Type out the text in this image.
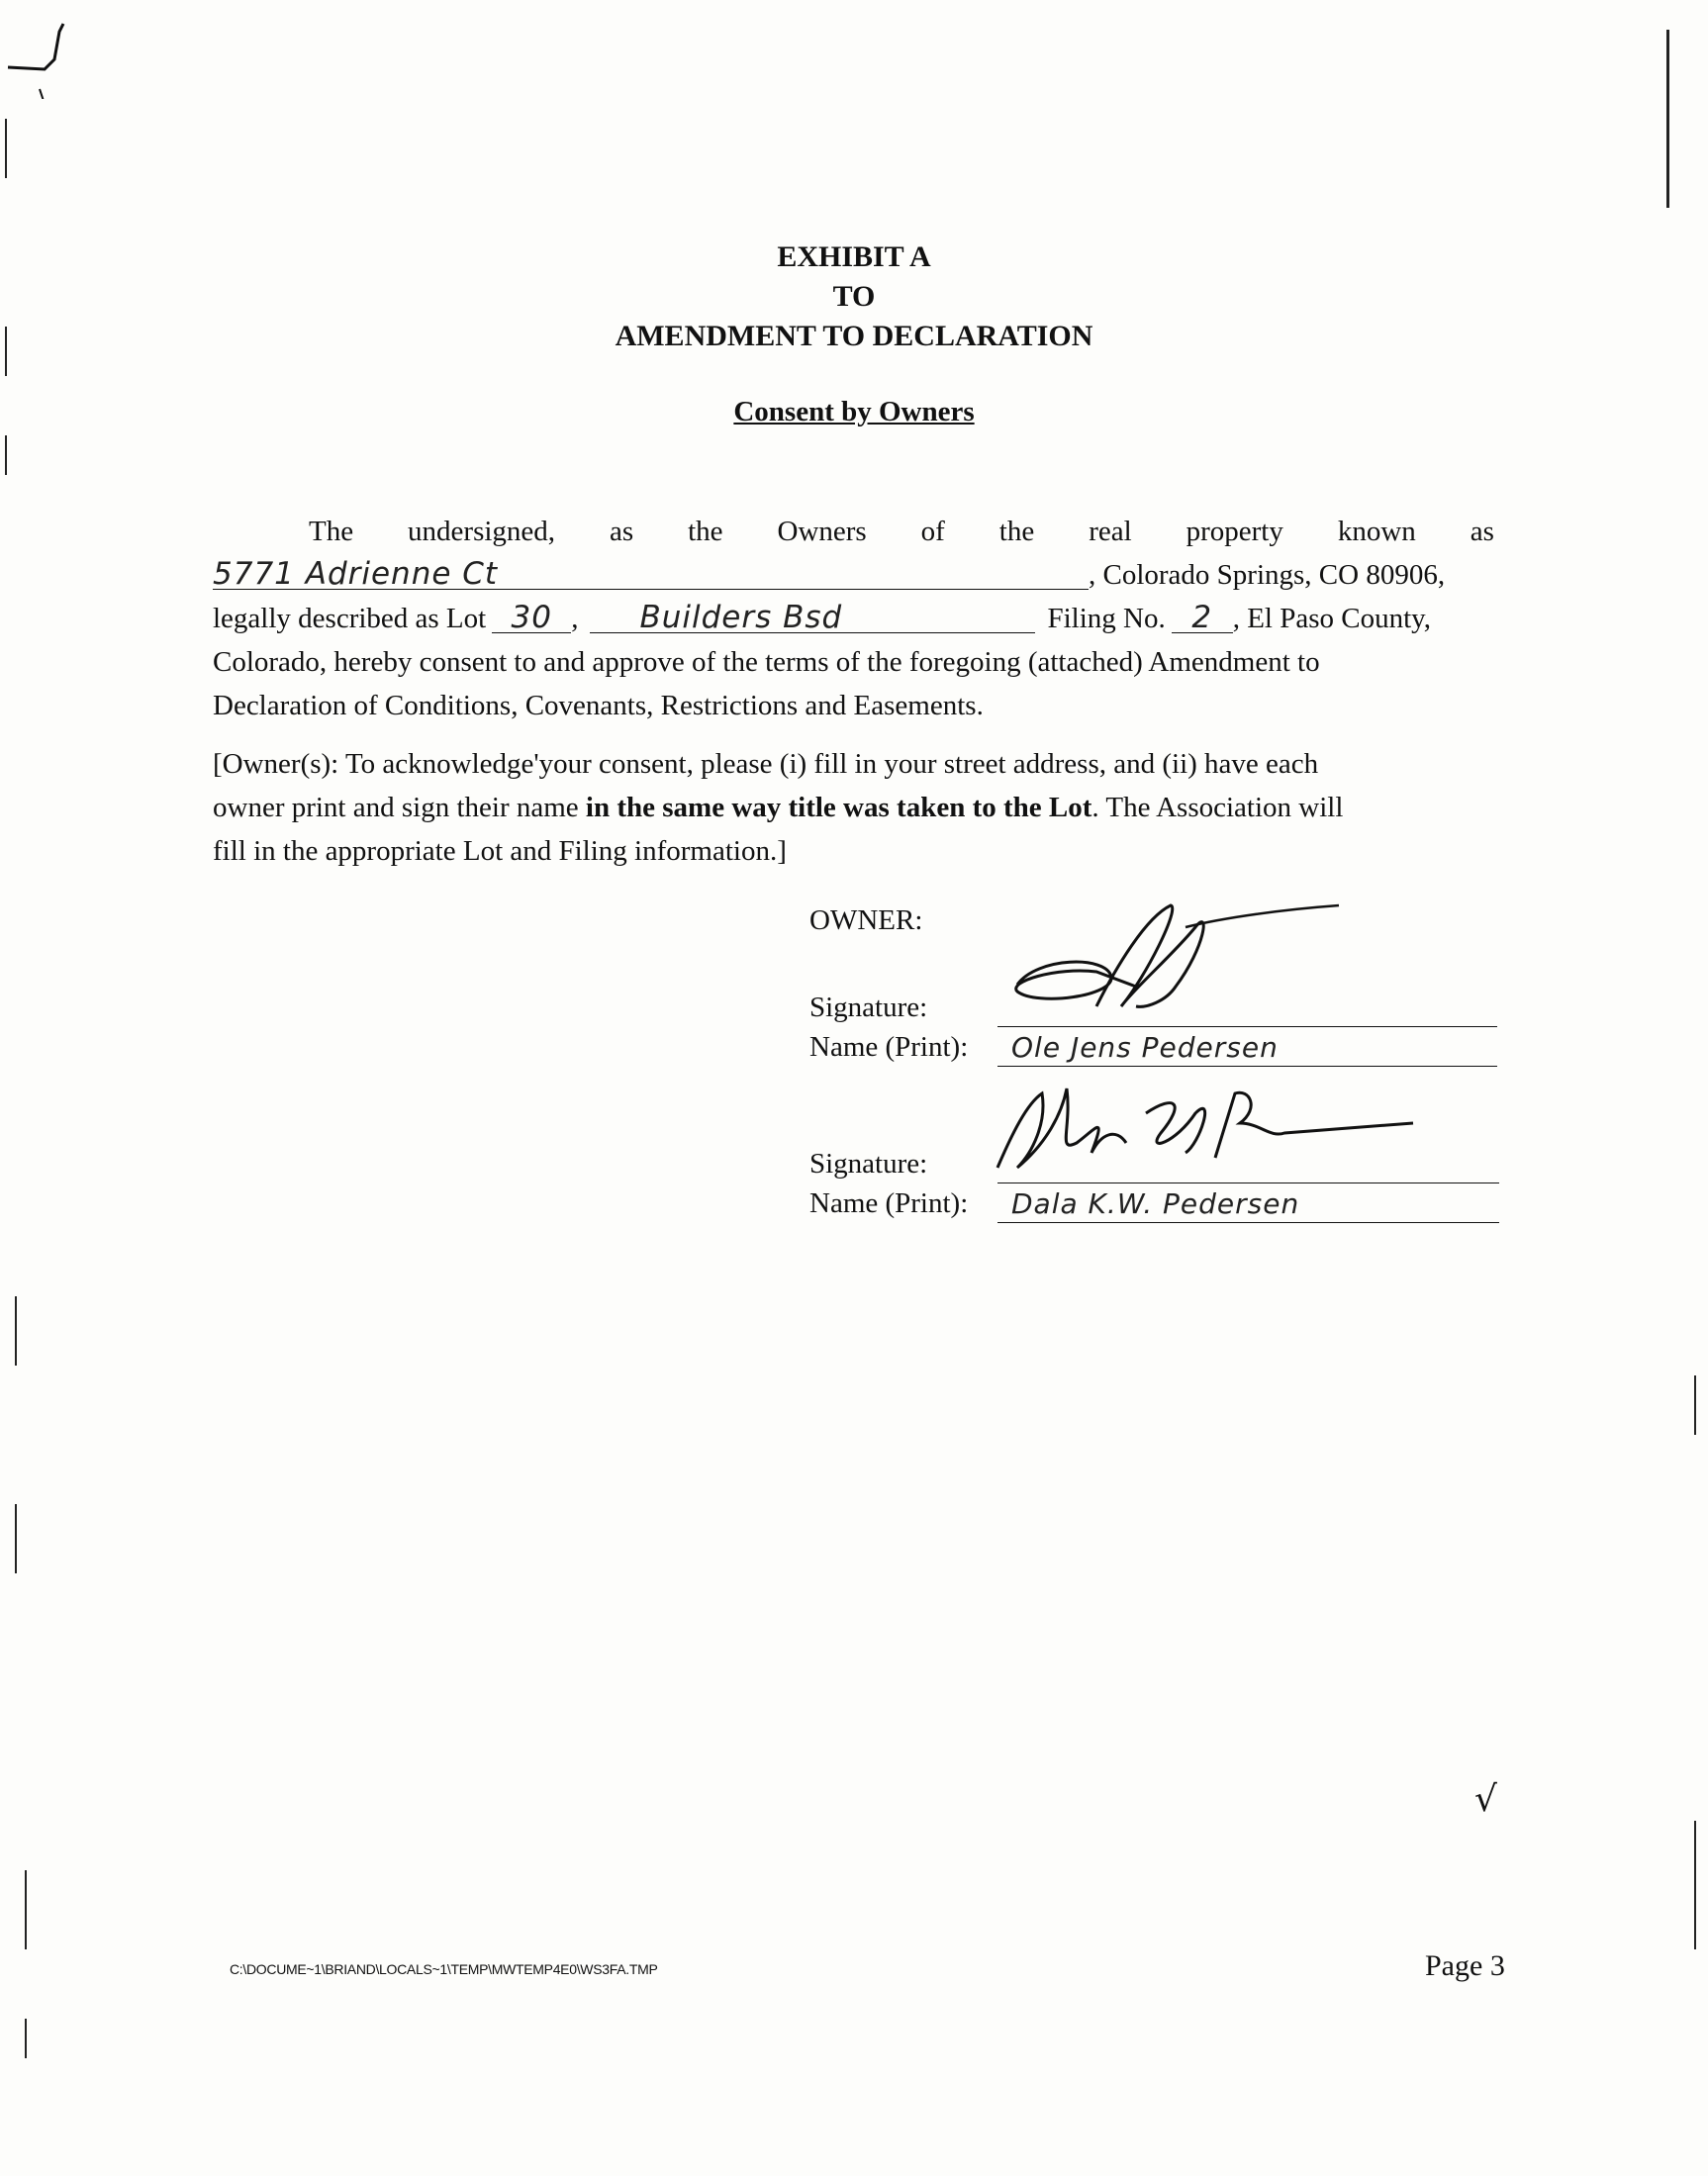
EXHIBIT A
TO
AMENDMENT TO DECLARATION
Consent by Owners
The undersigned, as the Owners of the real property known as
5771 Adrienne Ct	, Colorado Springs, CO 80906,
legally described as Lot 30 ,	Builders Bsd	Filing No. 2 , El Paso County,
Colorado, hereby consent to and approve of the terms of the foregoing (attached) Amendment to
Declaration of Conditions, Covenants, Restrictions and Easements.
[Owner(s): To acknowledge'your consent, please (i) fill in your street address, and (ii) have each
owner print and sign their name in the same way title was taken to the Lot. The Association will
fill in the appropriate Lot and Filing information.]
OWNER:
Signature:
Name (Print):	Ole Jens Pedersen
Signature:
Name (Print):	Dala K.W. Pedersen
√
C:\DOCUME~1\BRIAND\LOCALS~1\TEMP\MWTEMP4E0\WS3FA.TMP	Page 3
